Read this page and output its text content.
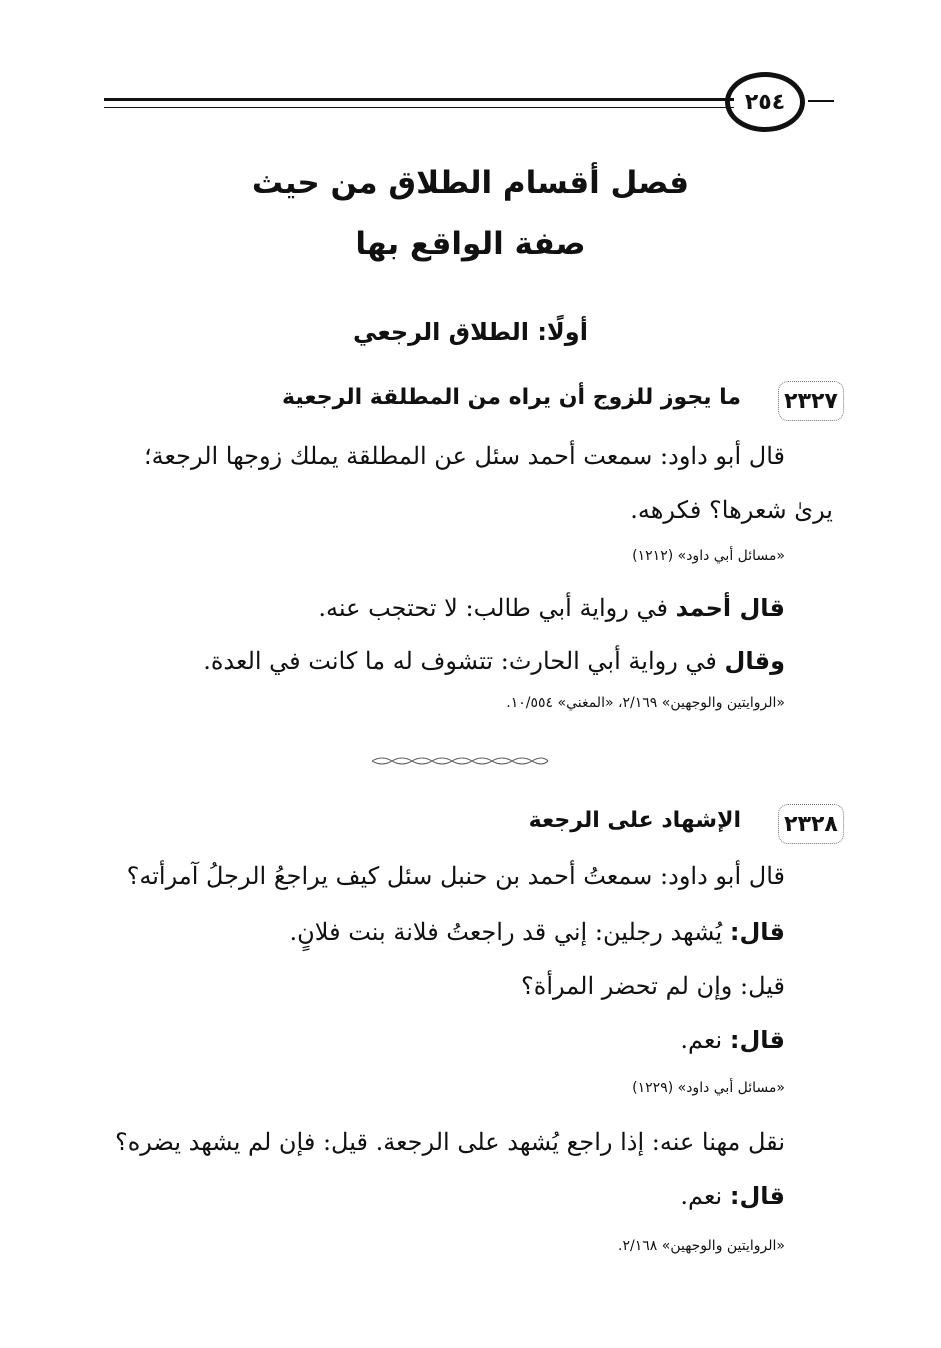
٢٥٤
فصل أقسام الطلاق من حيث
صفة الواقع بها
أولًا: الطلاق الرجعي
٢٣٢٧
ما يجوز للزوج أن يراه من المطلقة الرجعية
قال أبو داود: سمعت أحمد سئل عن المطلقة يملك زوجها الرجعة؛
يرىٰ شعرها؟ فكرهه.
«مسائل أبي داود» (١٢١٢)
قال أحمد في رواية أبي طالب: لا تحتجب عنه.
وقال في رواية أبي الحارث: تتشوف له ما كانت في العدة.
«الروايتين والوجهين» ٢/١٦٩، «المغني» ١٠/٥٥٤.
٢٣٢٨
الإشهاد على الرجعة
قال أبو داود: سمعتُ أحمد بن حنبل سئل كيف يراجعُ الرجلُ آمرأته؟
قال: يُشهد رجلين: إني قد راجعتُ فلانة بنت فلانٍ.
قيل: وإن لم تحضر المرأة؟
قال: نعم.
«مسائل أبي داود» (١٢٢٩)
نقل مهنا عنه: إذا راجع يُشهد على الرجعة. قيل: فإن لم يشهد يضره؟
قال: نعم.
«الروايتين والوجهين» ٢/١٦٨.
